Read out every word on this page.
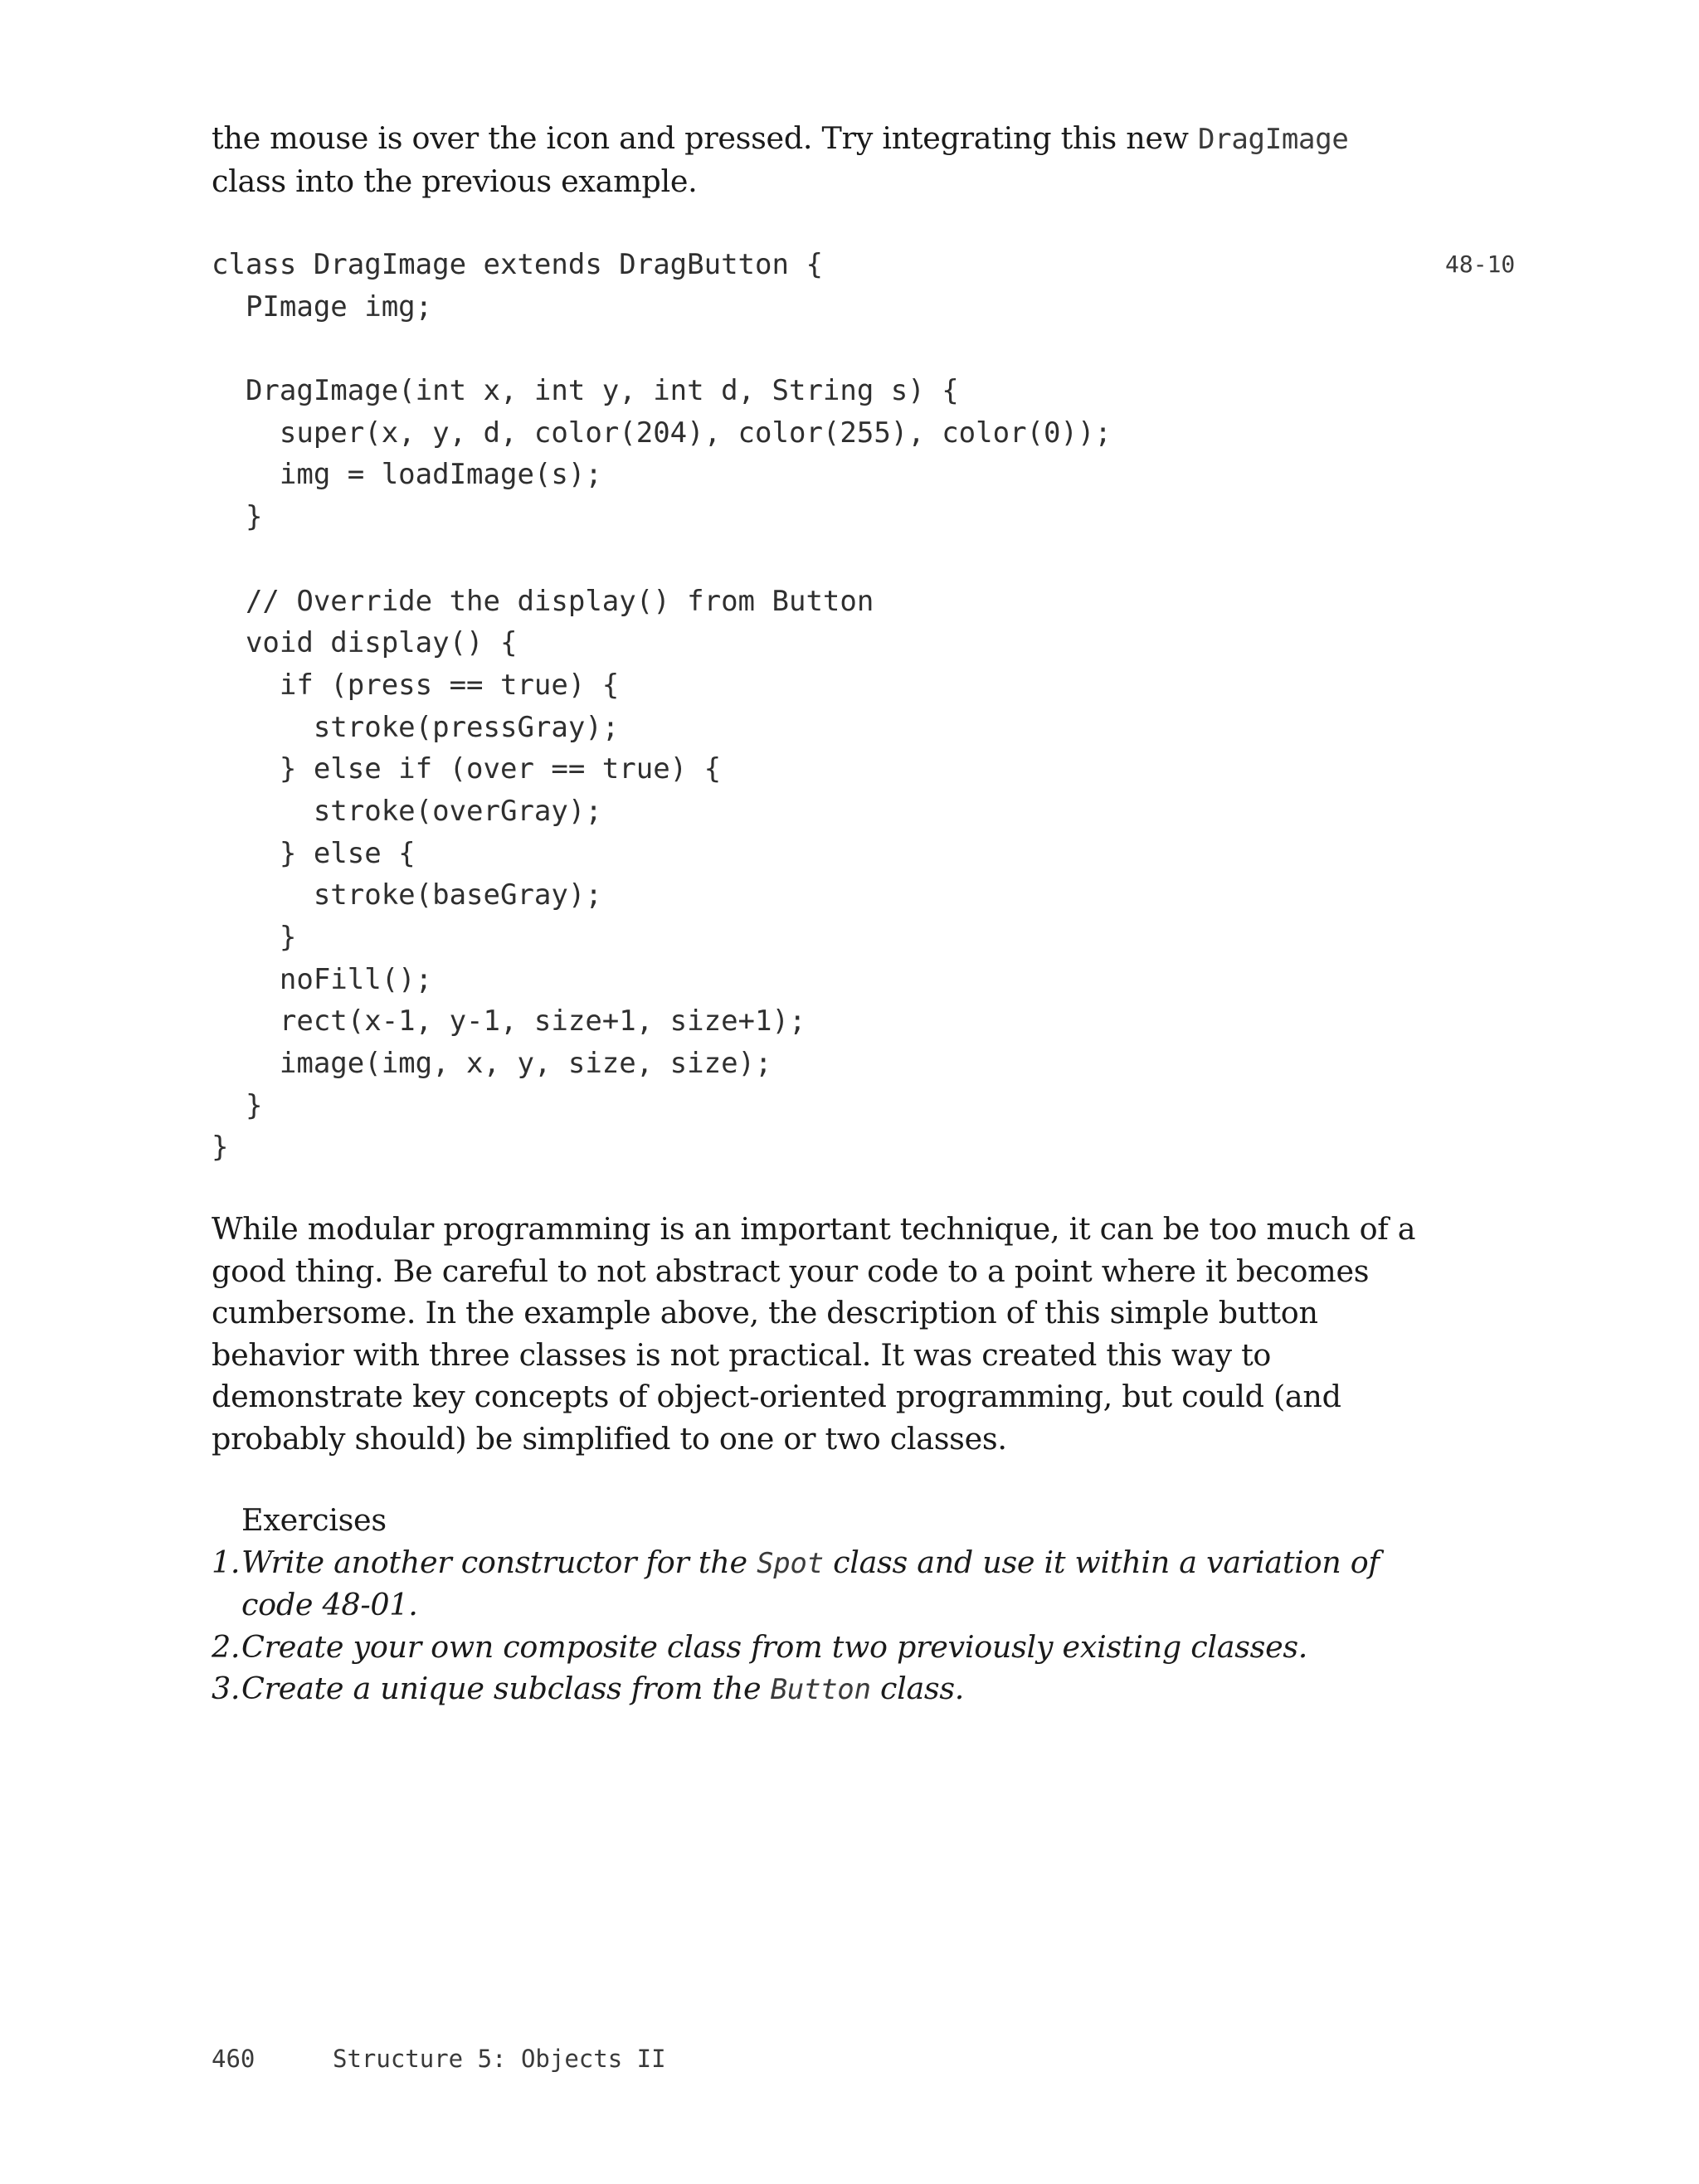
the mouse is over the icon and pressed. Try integrating this new DragImage class into the previous example.

48-10
class DragImage extends DragButton {
PImage img;
DragImage(int x, int y, int d, String s) {
super(x, y, d, color(204), color(255), color(0));
img = loadImage(s);
}
// Override the display() from Button
void display() {
if (press == true) {
stroke(pressGray);
} else if (over == true) {
stroke(overGray);
} else {
stroke(baseGray);
}
noFill();
rect(x-1, y-1, size+1, size+1);
image(img, x, y, size, size);
}
}

While modular programming is an important technique, it can be too much of a good thing. Be careful to not abstract your code to a point where it becomes cumbersome. In the example above, the description of this simple button behavior with three classes is not practical. It was created this way to demonstrate key concepts of object-oriented programming, but could (and probably should) be simplified to one or two classes.

Exercises
1. Write another constructor for the Spot class and use it within a variation of code 48-01.
2. Create your own composite class from two previously existing classes.
3. Create a unique subclass from the Button class.
460	Structure 5: Objects II
